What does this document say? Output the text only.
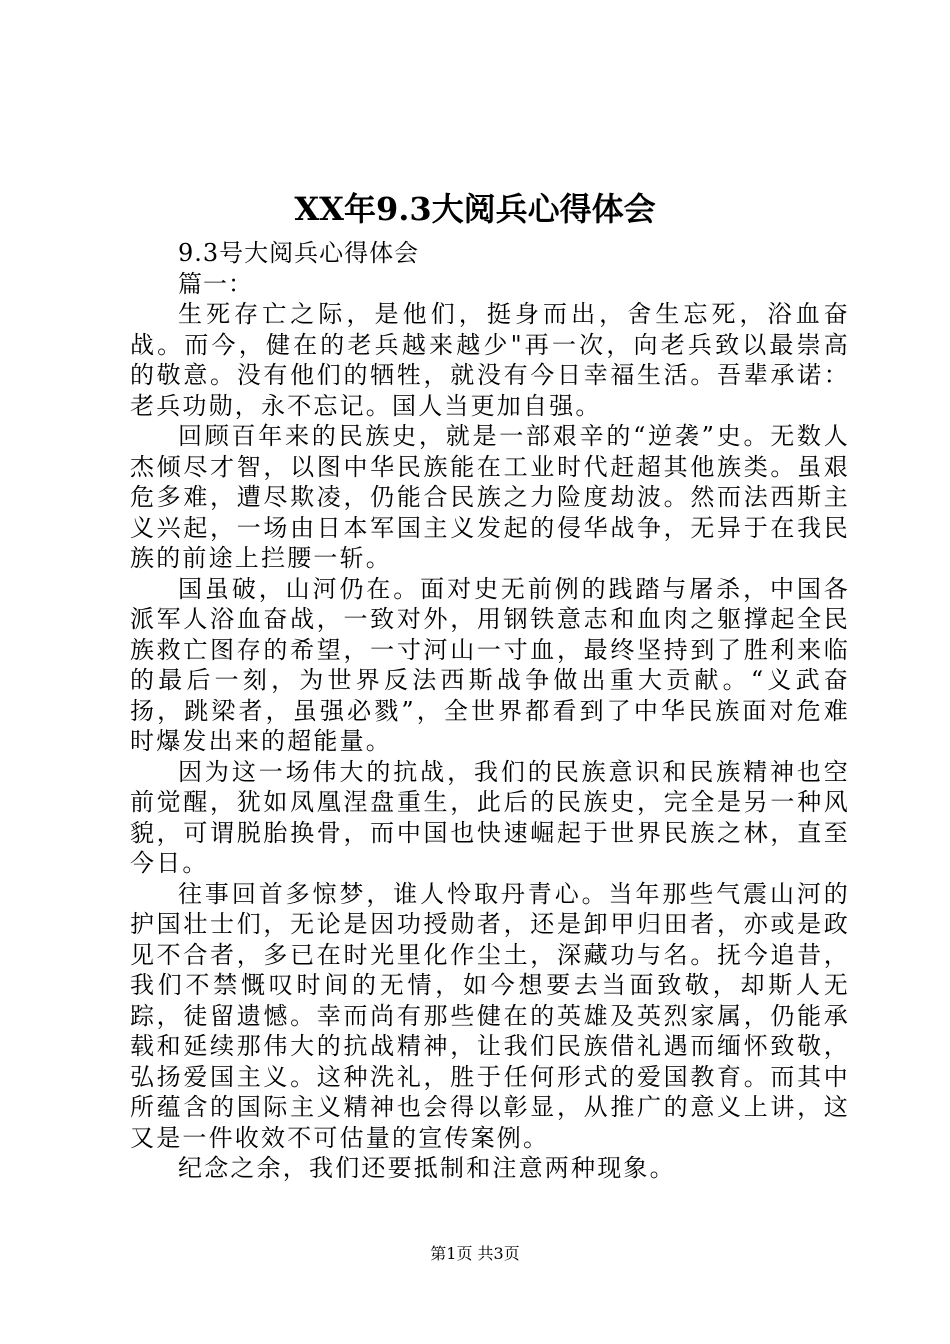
XX年9.3大阅兵心得体会

9.3号大阅兵心得体会

篇一：

生死存亡之际，是他们，挺身而出，舍生忘死，浴血奋战。而今，健在的老兵越来越少"再一次，向老兵致以最崇高的敬意。没有他们的牺牲，就没有今日幸福生活。吾辈承诺：老兵功勋，永不忘记。国人当更加自强。

回顾百年来的民族史，就是一部艰辛的“逆袭”史。无数人杰倾尽才智，以图中华民族能在工业时代赶超其他族类。虽艰危多难，遭尽欺凌，仍能合民族之力险度劫波。然而法西斯主义兴起，一场由日本军国主义发起的侵华战争，无异于在我民族的前途上拦腰一斩。

国虽破，山河仍在。面对史无前例的践踏与屠杀，中国各派军人浴血奋战，一致对外，用钢铁意志和血肉之躯撑起全民族救亡图存的希望，一寸河山一寸血，最终坚持到了胜利来临的最后一刻，为世界反法西斯战争做出重大贡献。“义武奋扬，跳梁者，虽强必戮”，全世界都看到了中华民族面对危难时爆发出来的超能量。

因为这一场伟大的抗战，我们的民族意识和民族精神也空前觉醒，犹如凤凰涅盘重生，此后的民族史，完全是另一种风貌，可谓脱胎换骨，而中国也快速崛起于世界民族之林，直至今日。

往事回首多惊梦，谁人怜取丹青心。当年那些气震山河的护国壮士们，无论是因功授勋者，还是卸甲归田者，亦或是政见不合者，多已在时光里化作尘土，深藏功与名。抚今追昔，我们不禁慨叹时间的无情，如今想要去当面致敬，却斯人无踪，徒留遗憾。幸而尚有那些健在的英雄及英烈家属，仍能承载和延续那伟大的抗战精神，让我们民族借礼遇而缅怀致敬，弘扬爱国主义。这种洗礼，胜于任何形式的爱国教育。而其中所蕴含的国际主义精神也会得以彰显，从推广的意义上讲，这又是一件收效不可估量的宣传案例。

纪念之余，我们还要抵制和注意两种现象。

第1页 共3页
